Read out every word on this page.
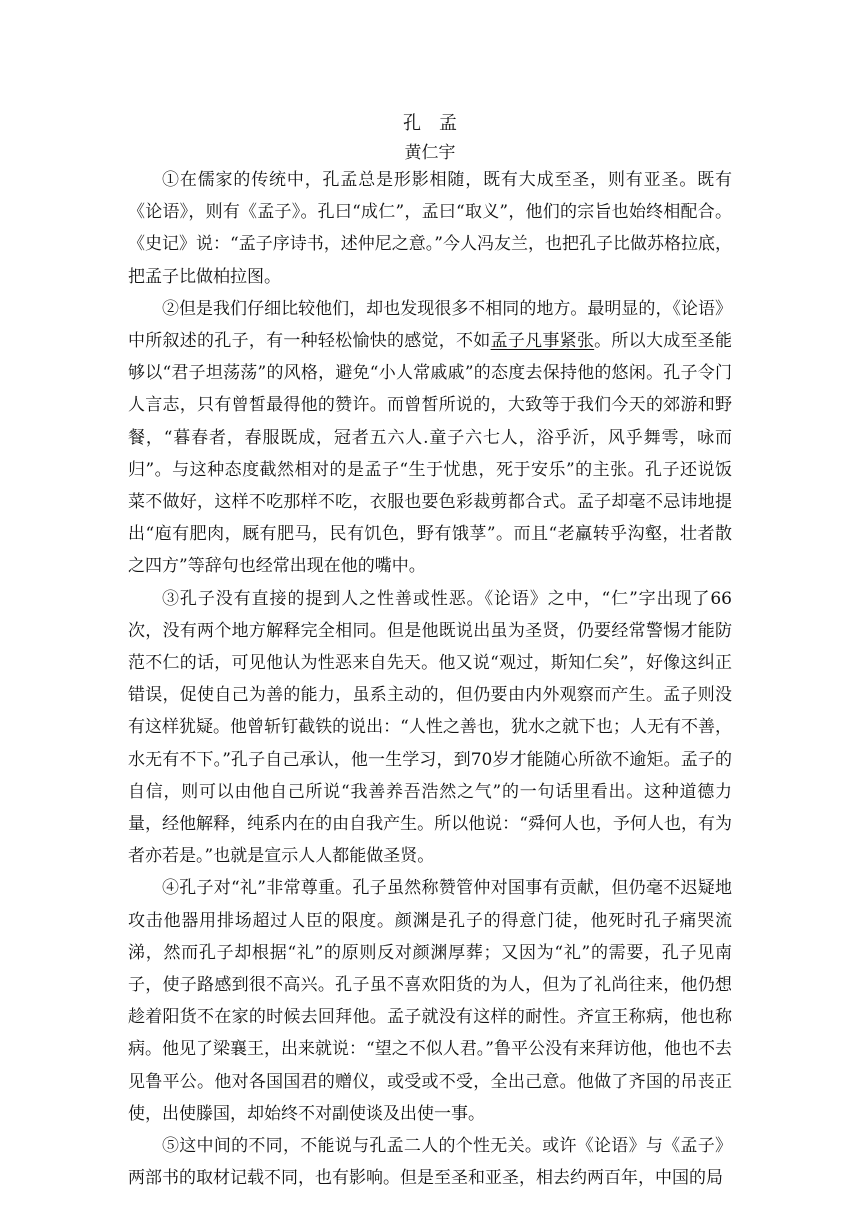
孔　孟
黄仁宇

①在儒家的传统中，孔孟总是形影相随，既有大成至圣，则有亚圣。既有《论语》，则有《孟子》。孔曰“成仁”，孟曰“取义”，他们的宗旨也始终相配合。《史记》说：“孟子序诗书，述仲尼之意。”今人冯友兰，也把孔子比做苏格拉底，把孟子比做柏拉图。

②但是我们仔细比较他们，却也发现很多不相同的地方。最明显的，《论语》中所叙述的孔子，有一种轻松愉快的感觉，不如孟子凡事紧张。所以大成至圣能够以“君子坦荡荡”的风格，避免“小人常戚戚”的态度去保持他的悠闲。孔子令门人言志，只有曾皙最得他的赞许。而曾皙所说的，大致等于我们今天的郊游和野餐，“暮春者，春服既成，冠者五六人.童子六七人，浴乎沂，风乎舞雩，咏而归”。与这种态度截然相对的是孟子“生于忧患，死于安乐”的主张。孔子还说饭菜不做好，这样不吃那样不吃，衣服也要色彩裁剪都合式。孟子却毫不忌讳地提出“庖有肥肉，厩有肥马，民有饥色，野有饿莩”。而且“老羸转乎沟壑，壮者散之四方”等辞句也经常出现在他的嘴中。

③孔子没有直接的提到人之性善或性恶。《论语》之中，“仁”字出现了66次，没有两个地方解释完全相同。但是他既说出虽为圣贤，仍要经常警惕才能防范不仁的话，可见他认为性恶来自先天。他又说“观过，斯知仁矣”，好像这纠正错误，促使自己为善的能力，虽系主动的，但仍要由内外观察而产生。孟子则没有这样犹疑。他曾斩钉截铁的说出：“人性之善也，犹水之就下也；人无有不善，水无有不下。”孔子自己承认，他一生学习，到70岁才能随心所欲不逾矩。孟子的自信，则可以由他自己所说“我善养吾浩然之气”的一句话里看出。这种道德力量，经他解释，纯系内在的由自我产生。所以他说：“舜何人也，予何人也，有为者亦若是。”也就是宣示人人都能做圣贤。

④孔子对“礼”非常尊重。孔子虽然称赞管仲对国事有贡献，但仍毫不迟疑地攻击他器用排场超过人臣的限度。颜渊是孔子的得意门徒，他死时孔子痛哭流涕，然而孔子却根据“礼”的原则反对颜渊厚葬；又因为“礼”的需要，孔子见南子，使子路感到很不高兴。孔子虽不喜欢阳货的为人，但为了礼尚往来，他仍想趁着阳货不在家的时候去回拜他。孟子就没有这样的耐性。齐宣王称病，他也称病。他见了梁襄王，出来就说：“望之不似人君。”鲁平公没有来拜访他，他也不去见鲁平公。他对各国国君的赠仪，或受或不受，全出己意。他做了齐国的吊丧正使，出使滕国，却始终不对副使谈及出使一事。

⑤这中间的不同，不能说与孔孟二人的个性无关。或许《论语》与《孟子》两部书的取材记载不同，也有影响。但是至圣和亚圣，相去约两百年，中国的局
